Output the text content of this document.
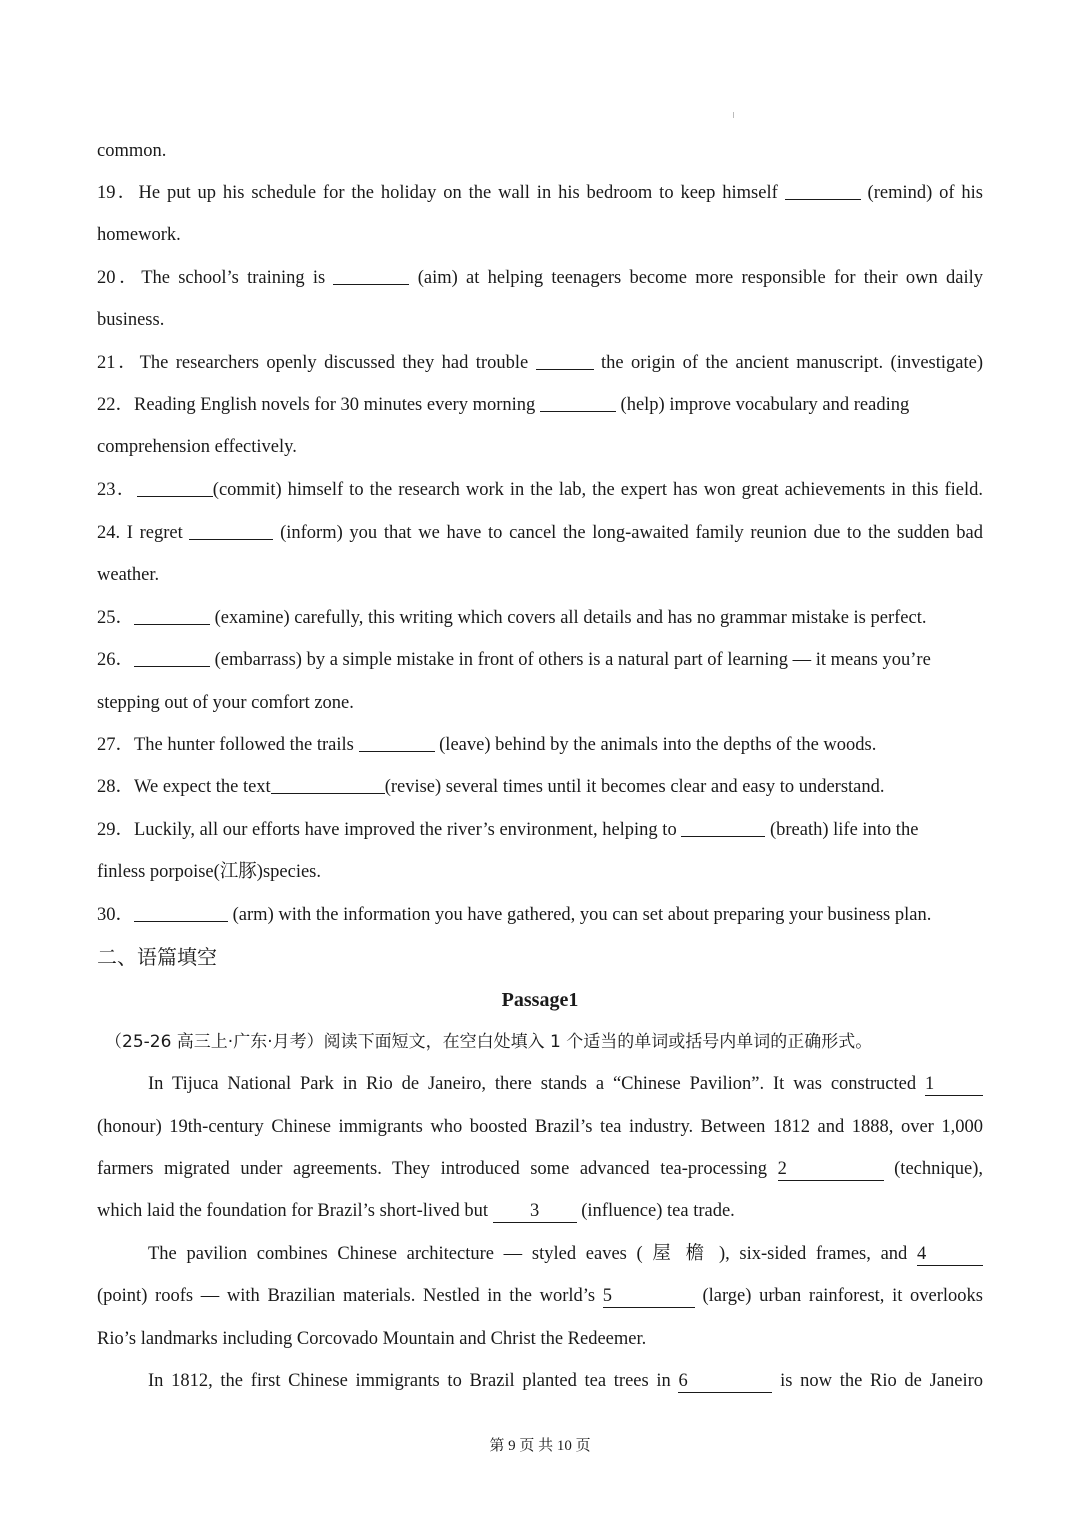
common.
19．He put up his schedule for the holiday on the wall in his bedroom to keep himself	(remind) of his
homework.
20．The school’s training is	(aim) at helping teenagers become more responsible for their own daily
business.
21．The researchers openly discussed they had trouble	the origin of the ancient manuscript. (investigate)
22．Reading English novels for 30 minutes every morning	(help) improve vocabulary and reading
comprehension effectively.
23．	(commit) himself to the research work in the lab, the expert has won great achievements in this field.
24. I regret	(inform) you that we have to cancel the long-awaited family reunion due to the sudden bad
weather.
25．	(examine) carefully, this writing which covers all details and has no grammar mistake is perfect.
26．	(embarrass) by a simple mistake in front of others is a natural part of learning — it means you’re
stepping out of your comfort zone.
27．The hunter followed the trails	(leave) behind by the animals into the depths of the woods.
28．We expect the text	(revise) several times until it becomes clear and easy to understand.
29．Luckily, all our efforts have improved the river’s environment, helping to	(breath) life into the
finless porpoise(江豚)species.
30．	(arm) with the information you have gathered, you can set about preparing your business plan.
二、语篇填空
Passage1
（25-26 高三上·广东·月考）阅读下面短文，在空白处填入 1 个适当的单词或括号内单词的正确形式。
In Tijuca National Park in Rio de Janeiro, there stands a “Chinese Pavilion”. It was constructed 1
(honour) 19th-century Chinese immigrants who boosted Brazil’s tea industry. Between 1812 and 1888, over 1,000
farmers migrated under agreements. They introduced some advanced tea-processing 2	(technique),
which laid the foundation for Brazil’s short-lived but 3 (influence) tea trade.
The pavilion combines Chinese architecture — styled eaves ( 屋 檐 ), six-sided frames, and 4
(point) roofs — with Brazilian materials. Nestled in the world’s 5	(large) urban rainforest, it overlooks
Rio’s landmarks including Corcovado Mountain and Christ the Redeemer.
In 1812, the first Chinese immigrants to Brazil planted tea trees in 6	is now the Rio de Janeiro
第 9 页 共 10 页
